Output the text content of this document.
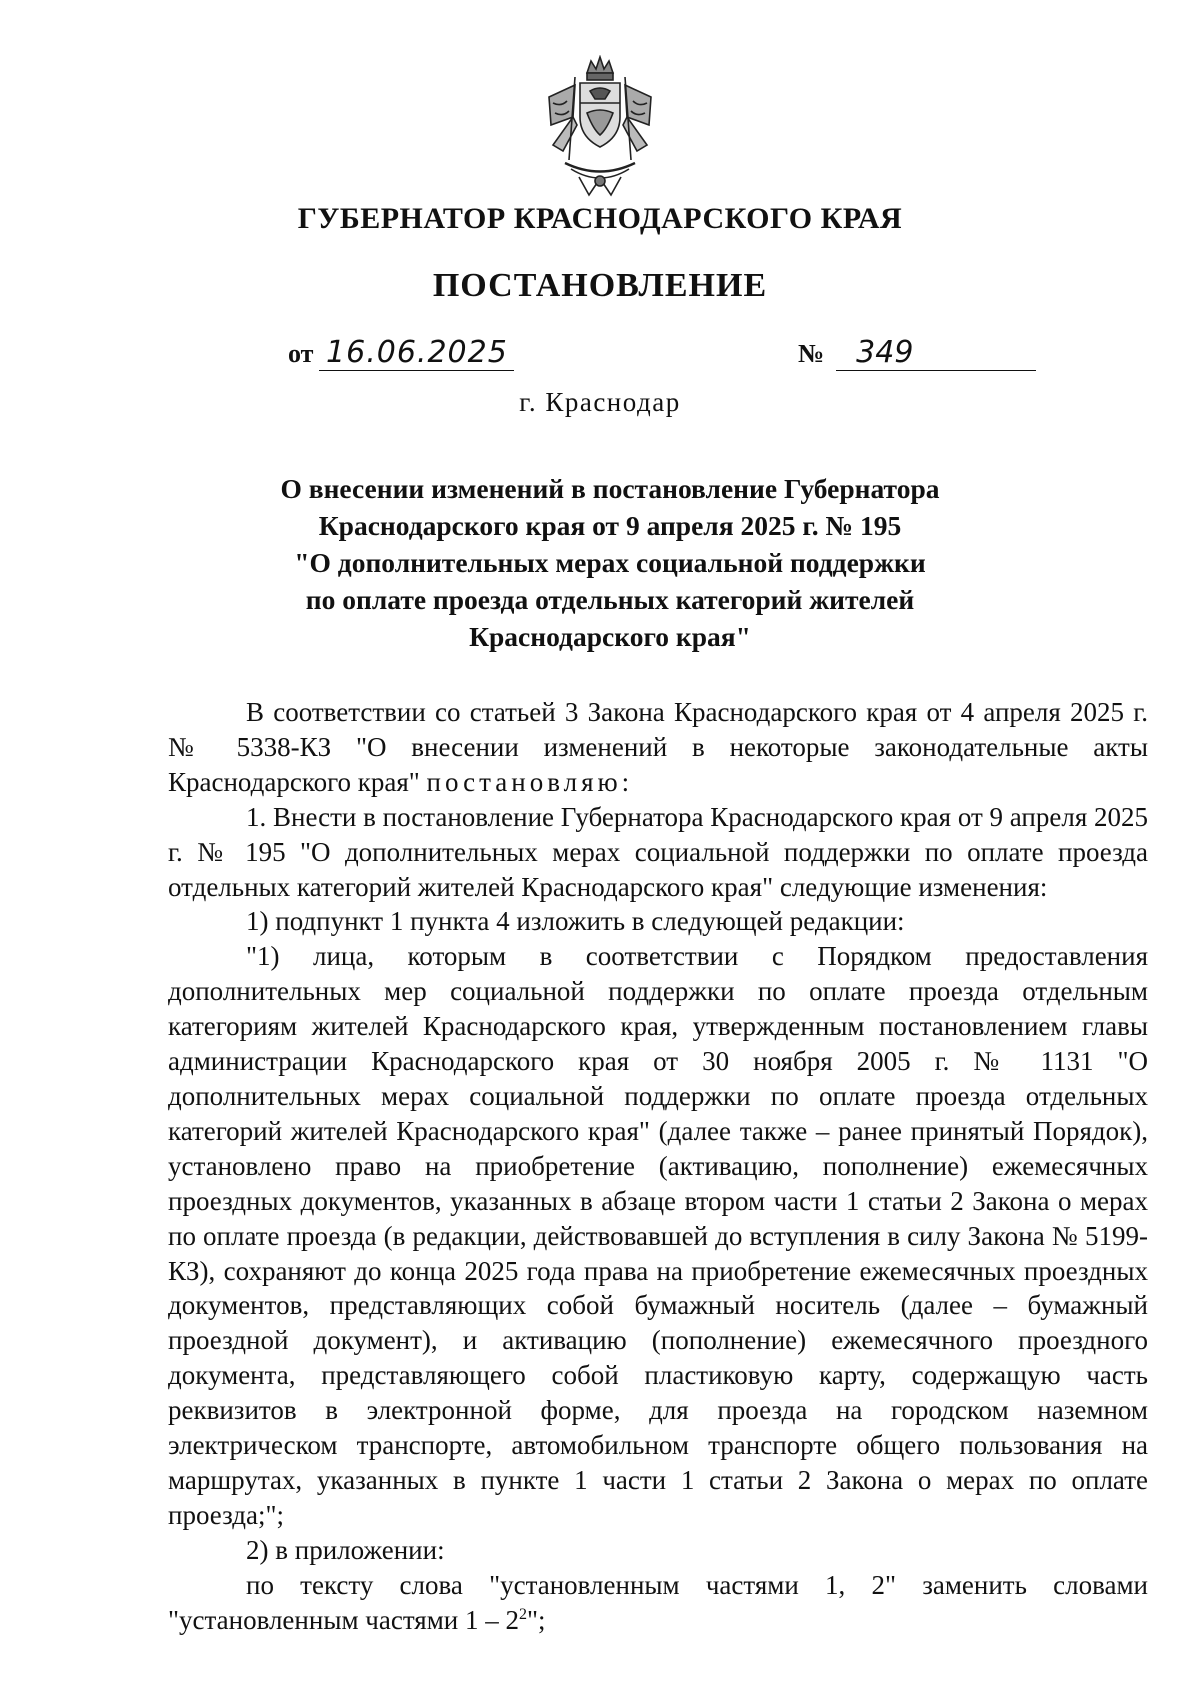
ГУБЕРНАТОР КРАСНОДАРСКОГО КРАЯ
ПОСТАНОВЛЕНИЕ
от 16.06.2025	№ 349
г. Краснодар
О внесении изменений в постановление Губернатора
Краснодарского края от 9 апреля 2025 г. № 195
"О дополнительных мерах социальной поддержки
по оплате проезда отдельных категорий жителей
Краснодарского края"

В соответствии со статьей 3 Закона Краснодарского края от 4 апреля 2025 г. № 5338-КЗ "О внесении изменений в некоторые законодательные акты Краснодарского края" постановляю:

1. Внести в постановление Губернатора Краснодарского края от 9 апреля 2025 г. № 195 "О дополнительных мерах социальной поддержки по оплате проезда отдельных категорий жителей Краснодарского края" следующие изменения:

1) подпункт 1 пункта 4 изложить в следующей редакции:

"1) лица, которым в соответствии с Порядком предоставления дополнительных мер социальной поддержки по оплате проезда отдельным категориям жителей Краснодарского края, утвержденным постановлением главы администрации Краснодарского края от 30 ноября 2005 г. № 1131 "О дополнительных мерах социальной поддержки по оплате проезда отдельных категорий жителей Краснодарского края" (далее также – ранее принятый Порядок), установлено право на приобретение (активацию, пополнение) ежемесячных проездных документов, указанных в абзаце втором части 1 статьи 2 Закона о мерах по оплате проезда (в редакции, действовавшей до вступления в силу Закона № 5199-КЗ), сохраняют до конца 2025 года права на приобретение ежемесячных проездных документов, представляющих собой бумажный носитель (далее – бумажный проездной документ), и активацию (пополнение) ежемесячного проездного документа, представляющего собой пластиковую карту, содержащую часть реквизитов в электронной форме, для проезда на городском наземном электрическом транспорте, автомобильном транспорте общего пользования на маршрутах, указанных в пункте 1 части 1 статьи 2 Закона о мерах по оплате проезда;";

2) в приложении:

по тексту слова "установленным частями 1, 2" заменить словами "установленным частями $1 - 2^2$";
